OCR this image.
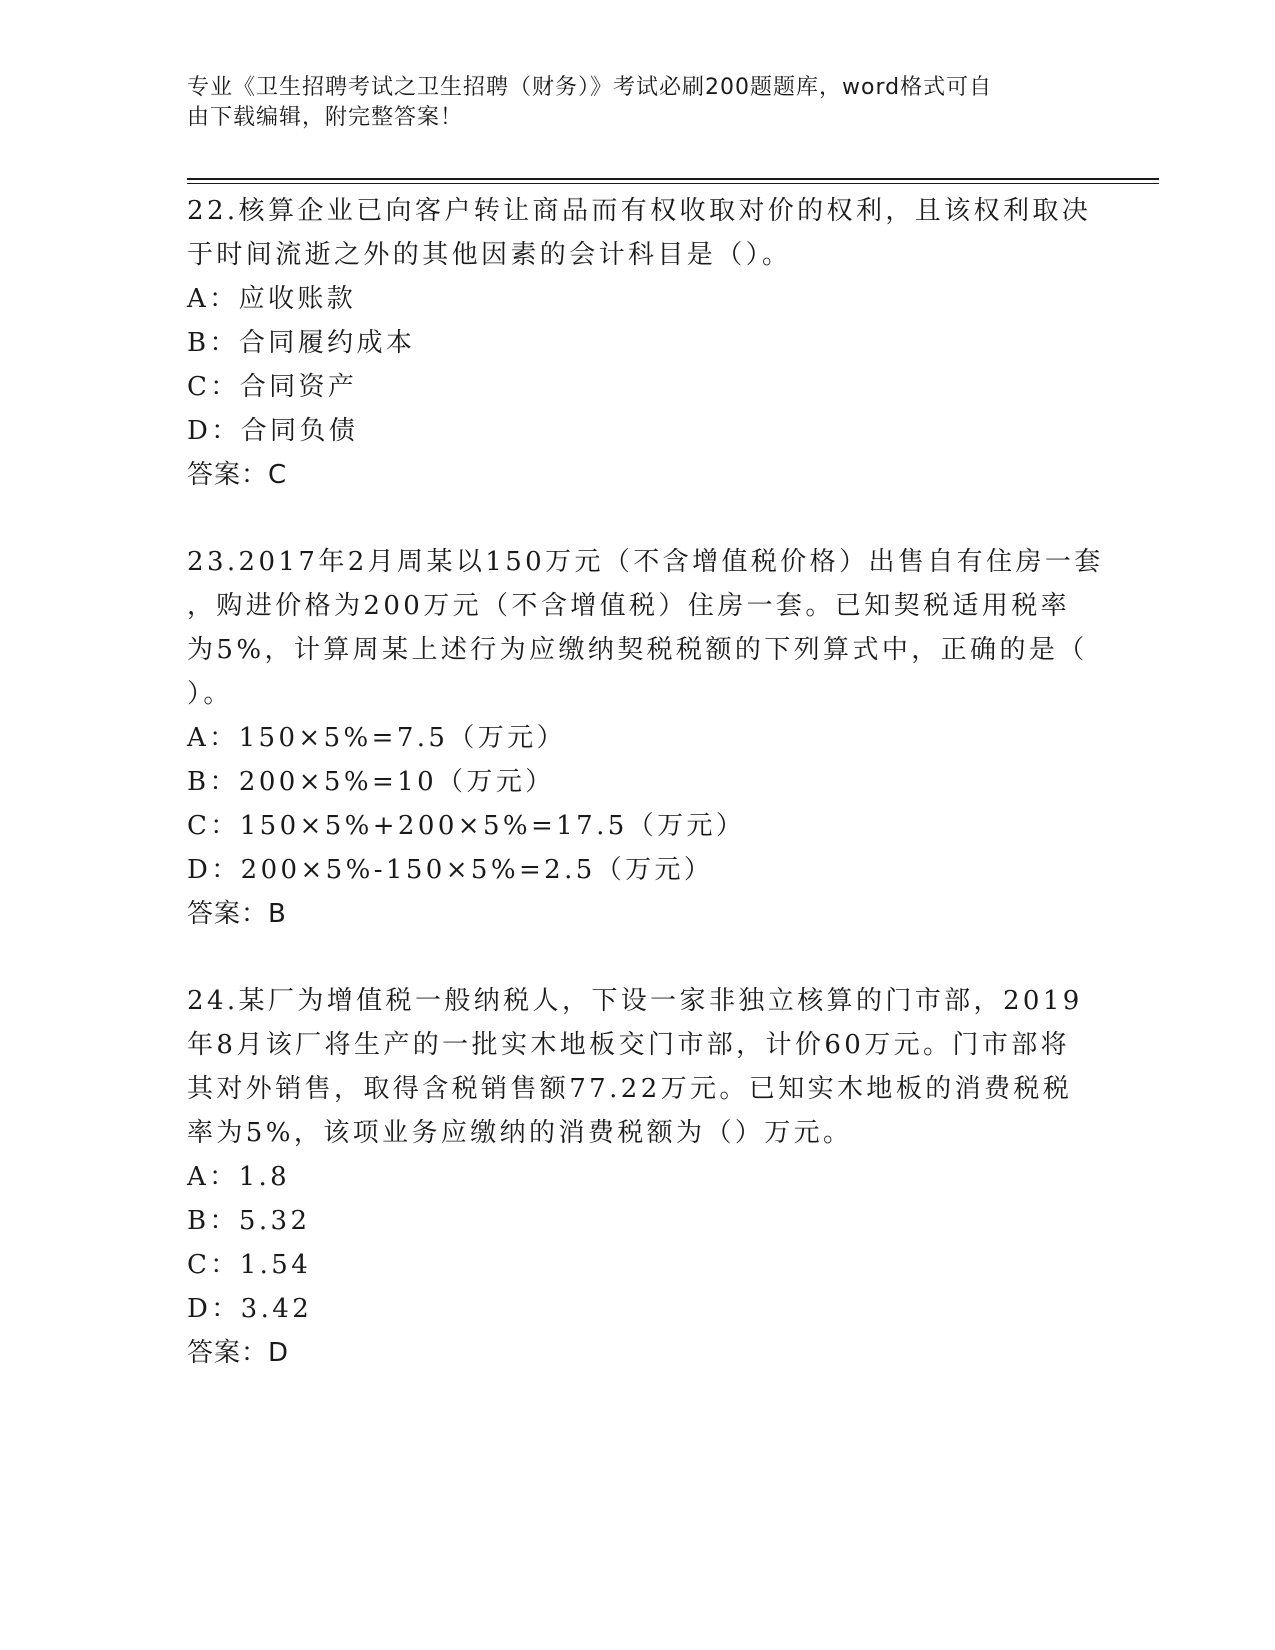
专业《卫生招聘考试之卫生招聘（财务）》考试必刷200题题库，word格式可自
由下载编辑，附完整答案！
22.核算企业已向客户转让商品而有权收取对价的权利，且该权利取决
于时间流逝之外的其他因素的会计科目是（）。
A：应收账款
B：合同履约成本
C：合同资产
D：合同负债
答案：C
23.2017年2月周某以150万元（不含增值税价格）出售自有住房一套
，购进价格为200万元（不含增值税）住房一套。已知契税适用税率
为5%，计算周某上述行为应缴纳契税税额的下列算式中，正确的是（
）。
A：150×5%=7.5（万元）
B：200×5%=10（万元）
C：150×5%+200×5%=17.5（万元）
D：200×5%-150×5%=2.5（万元）
答案：B
24.某厂为增值税一般纳税人，下设一家非独立核算的门市部，2019
年8月该厂将生产的一批实木地板交门市部，计价60万元。门市部将
其对外销售，取得含税销售额77.22万元。已知实木地板的消费税税
率为5%，该项业务应缴纳的消费税额为（）万元。
A：1.8
B：5.32
C：1.54
D：3.42
答案：D
